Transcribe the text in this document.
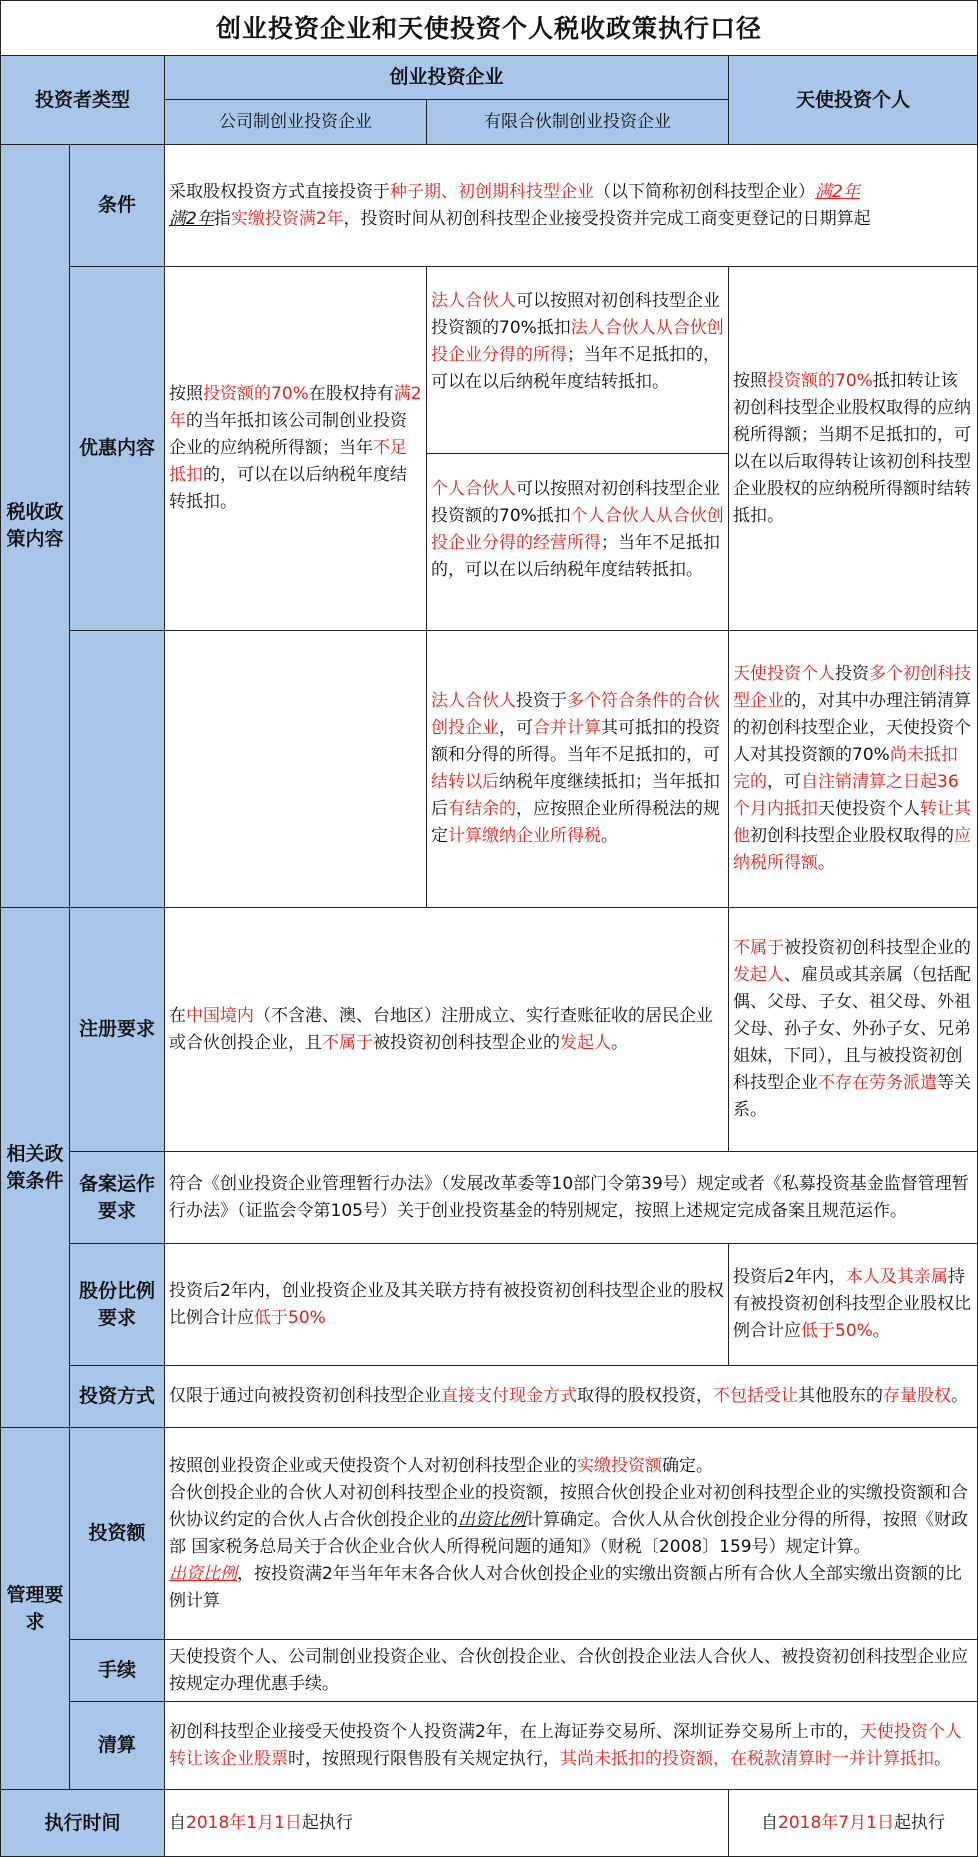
创业投资企业和天使投资个人税收政策执行口径
投资者类型
创业投资企业
公司制创业投资企业	有限合伙制创业投资企业
天使投资个人
税收政策内容
相关政策条件
管理要求
执行时间
条件
优惠内容
注册要求
备案运作要求
股份比例要求
投资方式
投资额
手续
清算
采取股权投资方式直接投资于种子期、初创期科技型企业（以下简称初创科技型企业）满2年
满2年指实缴投资满2年，投资时间从初创科技型企业接受投资并完成工商变更登记的日期算起
按照投资额的70%在股权持有满2年的当年抵扣该公司制创业投资企业的应纳税所得额；当年不足抵扣的，可以在以后纳税年度结转抵扣。
法人合伙人可以按照对初创科技型企业投资额的70%抵扣法人合伙人从合伙创投企业分得的所得；当年不足抵扣的，可以在以后纳税年度结转抵扣。
个人合伙人可以按照对初创科技型企业投资额的70%抵扣个人合伙人从合伙创投企业分得的经营所得；当年不足抵扣的，可以在以后纳税年度结转抵扣。
按照投资额的70%抵扣转让该初创科技型企业股权取得的应纳税所得额；当期不足抵扣的，可以在以后取得转让该初创科技型企业股权的应纳税所得额时结转抵扣。
法人合伙人投资于多个符合条件的合伙创投企业，可合并计算其可抵扣的投资额和分得的所得。当年不足抵扣的，可结转以后纳税年度继续抵扣；当年抵扣后有结余的，应按照企业所得税法的规定计算缴纳企业所得税。
天使投资个人投资多个初创科技型企业的，对其中办理注销清算的初创科技型企业，天使投资个人对其投资额的70%尚未抵扣完的，可自注销清算之日起36个月内抵扣天使投资个人转让其他初创科技型企业股权取得的应纳税所得额。
在中国境内（不含港、澳、台地区）注册成立、实行查账征收的居民企业或合伙创投企业，且不属于被投资初创科技型企业的发起人。
不属于被投资初创科技型企业的发起人、雇员或其亲属（包括配偶、父母、子女、祖父母、外祖父母、孙子女、外孙子女、兄弟姐妹，下同），且与被投资初创科技型企业不存在劳务派遣等关系。
符合《创业投资企业管理暂行办法》（发展改革委等10部门令第39号）规定或者《私募投资基金监督管理暂行办法》（证监会令第105号）关于创业投资基金的特别规定，按照上述规定完成备案且规范运作。
投资后2年内，创业投资企业及其关联方持有被投资初创科技型企业的股权比例合计应低于50%
投资后2年内，本人及其亲属持有被投资初创科技型企业股权比例合计应低于50%。
仅限于通过向被投资初创科技型企业直接支付现金方式取得的股权投资，不包括受让其他股东的存量股权。
按照创业投资企业或天使投资个人对初创科技型企业的实缴投资额确定。
合伙创投企业的合伙人对初创科技型企业的投资额，按照合伙创投企业对初创科技型企业的实缴投资额和合伙协议约定的合伙人占合伙创投企业的出资比例计算确定。合伙人从合伙创投企业分得的所得，按照《财政部 国家税务总局关于合伙企业合伙人所得税问题的通知》（财税〔2008〕159号）规定计算。
出资比例，按投资满2年当年年末各合伙人对合伙创投企业的实缴出资额占所有合伙人全部实缴出资额的比例计算
天使投资个人、公司制创业投资企业、合伙创投企业、合伙创投企业法人合伙人、被投资初创科技型企业应按规定办理优惠手续。
初创科技型企业接受天使投资个人投资满2年，在上海证券交易所、深圳证券交易所上市的，天使投资个人转让该企业股票时，按照现行限售股有关规定执行，其尚未抵扣的投资额，在税款清算时一并计算抵扣。
自2018年1月1日起执行	自2018年7月1日起执行
